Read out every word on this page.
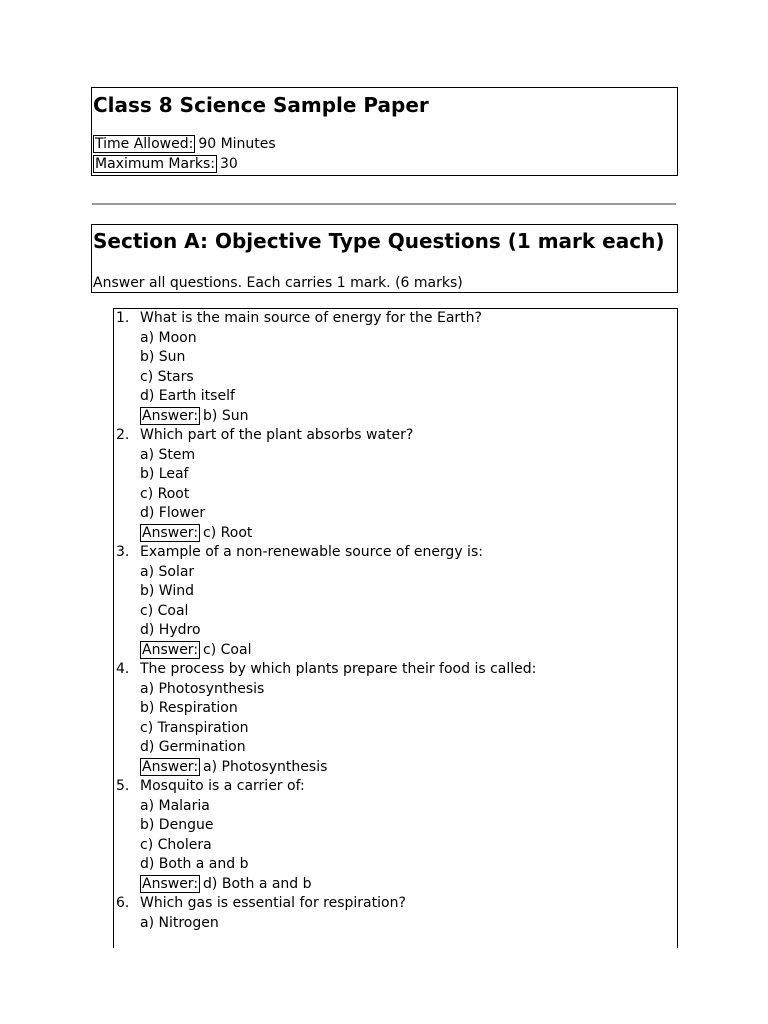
Class 8 Science Sample Paper
Time Allowed: 90 Minutes
Maximum Marks: 30
Section A: Objective Type Questions (1 mark each)
Answer all questions. Each carries 1 mark. (6 marks)
1. What is the main source of energy for the Earth?
a) Moon
b) Sun
c) Stars
d) Earth itself
Answer: b) Sun
2. Which part of the plant absorbs water?
a) Stem
b) Leaf
c) Root
d) Flower
Answer: c) Root
3. Example of a non-renewable source of energy is:
a) Solar
b) Wind
c) Coal
d) Hydro
Answer: c) Coal
4. The process by which plants prepare their food is called:
a) Photosynthesis
b) Respiration
c) Transpiration
d) Germination
Answer: a) Photosynthesis
5. Mosquito is a carrier of:
a) Malaria
b) Dengue
c) Cholera
d) Both a and b
Answer: d) Both a and b
6. Which gas is essential for respiration?
a) Nitrogen
